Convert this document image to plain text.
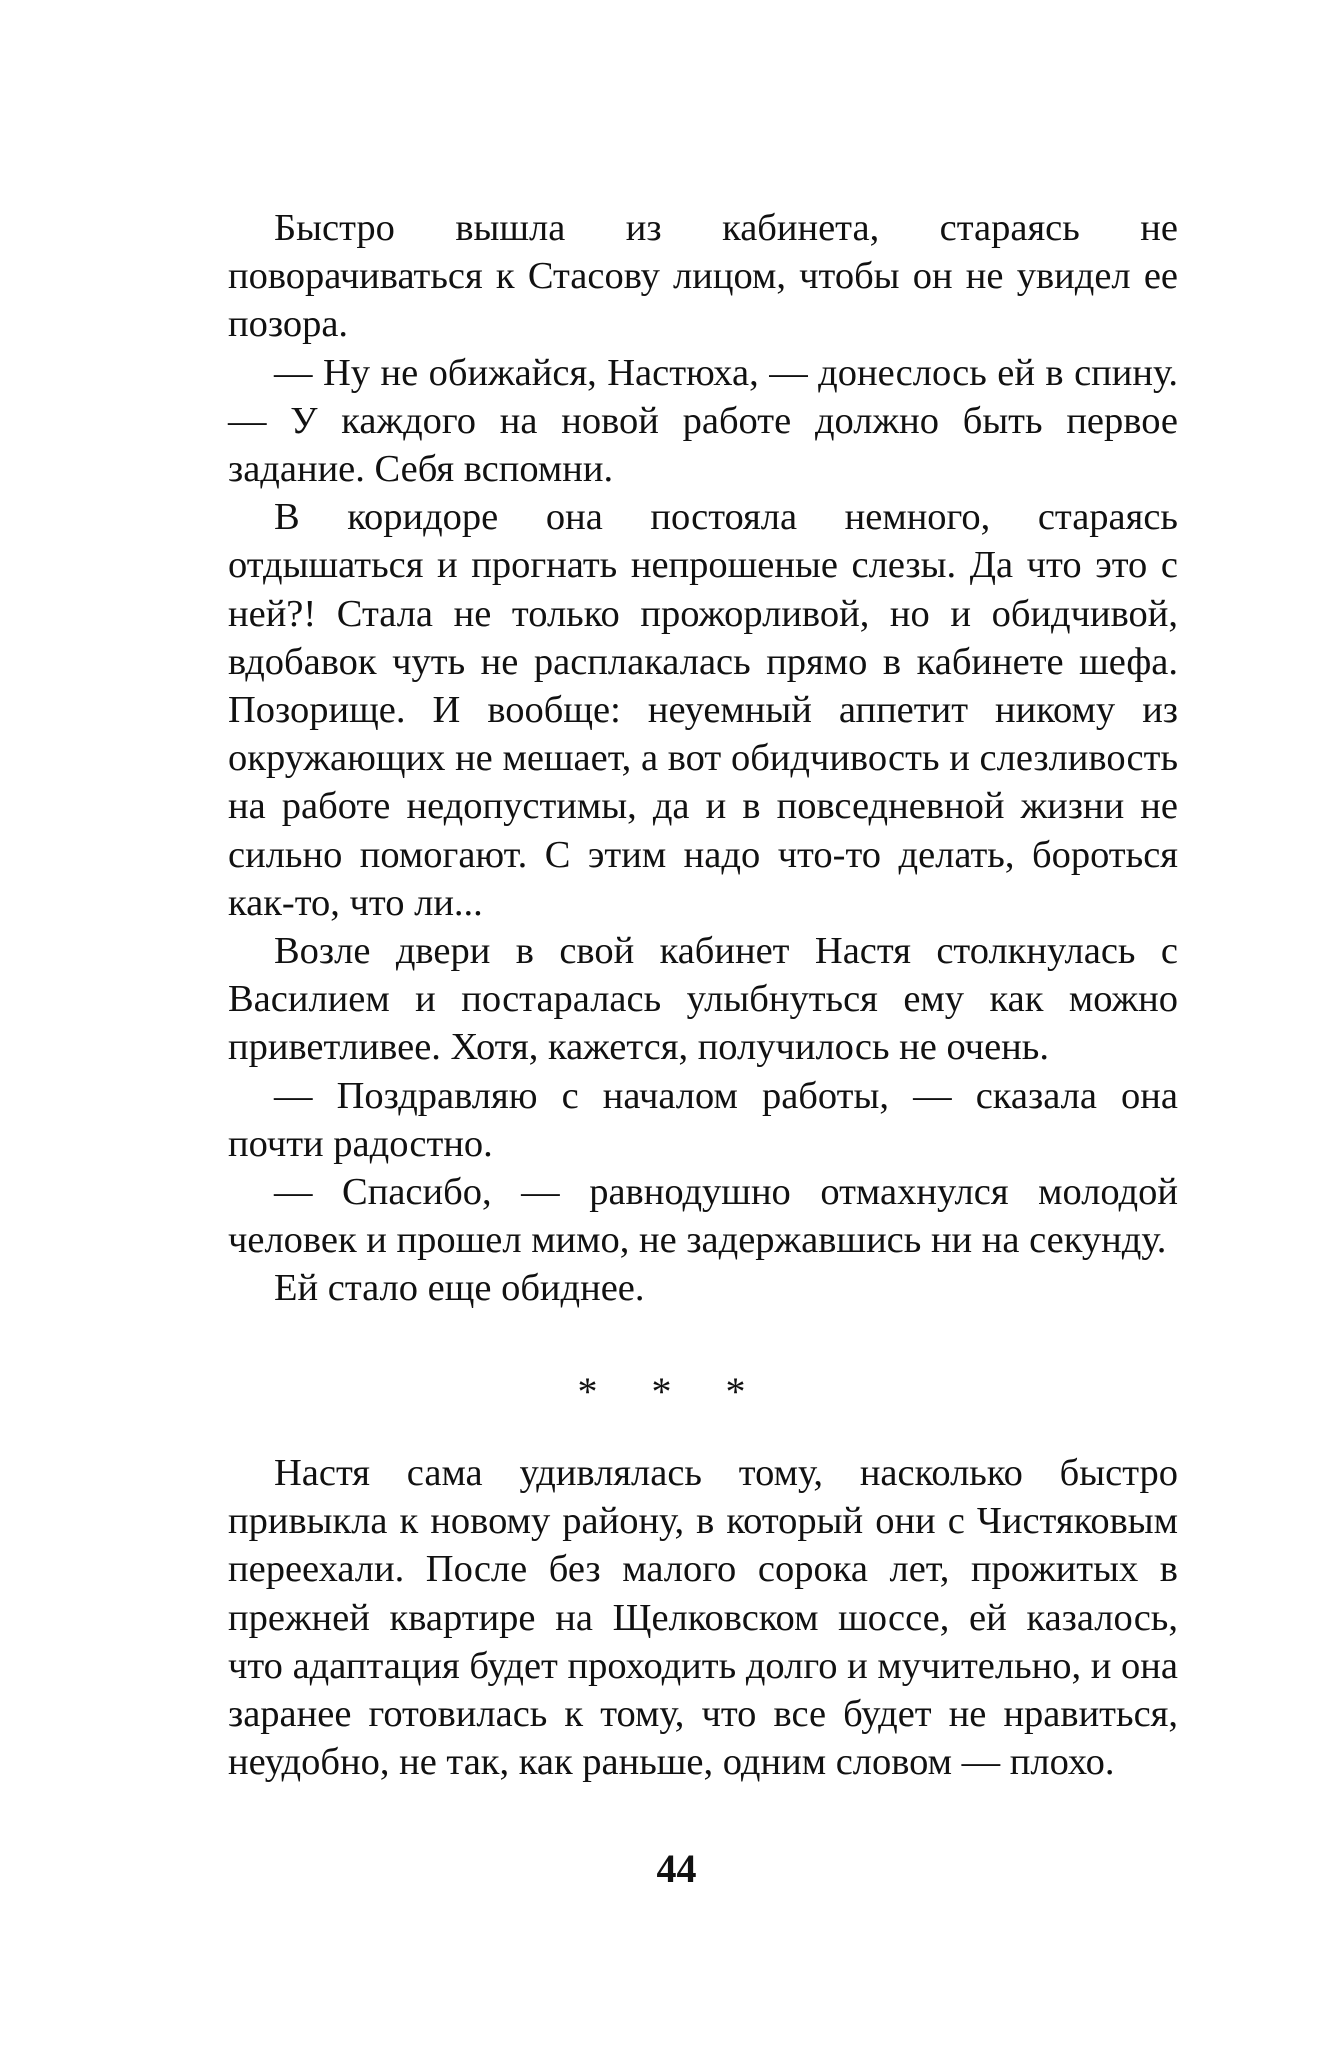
Быстро вышла из кабинета, стараясь не поворачиваться к Стасову лицом, чтобы он не увидел ее позора.

— Ну не обижайся, Настюха, — донеслось ей в спину. — У каждого на новой работе должно быть первое задание. Себя вспомни.

В коридоре она постояла немного, стараясь отдышаться и прогнать непрошеные слезы. Да что это с ней?! Стала не только прожорливой, но и обидчивой, вдобавок чуть не расплакалась прямо в кабинете шефа. Позорище. И вообще: неуемный аппетит никому из окружающих не мешает, а вот обидчивость и слезливость на работе недопустимы, да и в повседневной жизни не сильно помогают. С этим надо что-то делать, бороться как-то, что ли...

Возле двери в свой кабинет Настя столкнулась с Василием и постаралась улыбнуться ему как можно приветливее. Хотя, кажется, получилось не очень.

— Поздравляю с началом работы, — сказала она почти радостно.

— Спасибо, — равнодушно отмахнулся молодой человек и прошел мимо, не задержавшись ни на секунду.

Ей стало еще обиднее.

* * *

Настя сама удивлялась тому, насколько быстро привыкла к новому району, в который они с Чистяковым переехали. После без малого сорока лет, прожитых в прежней квартире на Щелковском шоссе, ей казалось, что адаптация будет проходить долго и мучительно, и она заранее готовилась к тому, что все будет не нравиться, неудобно, не так, как раньше, одним словом — плохо.

44
